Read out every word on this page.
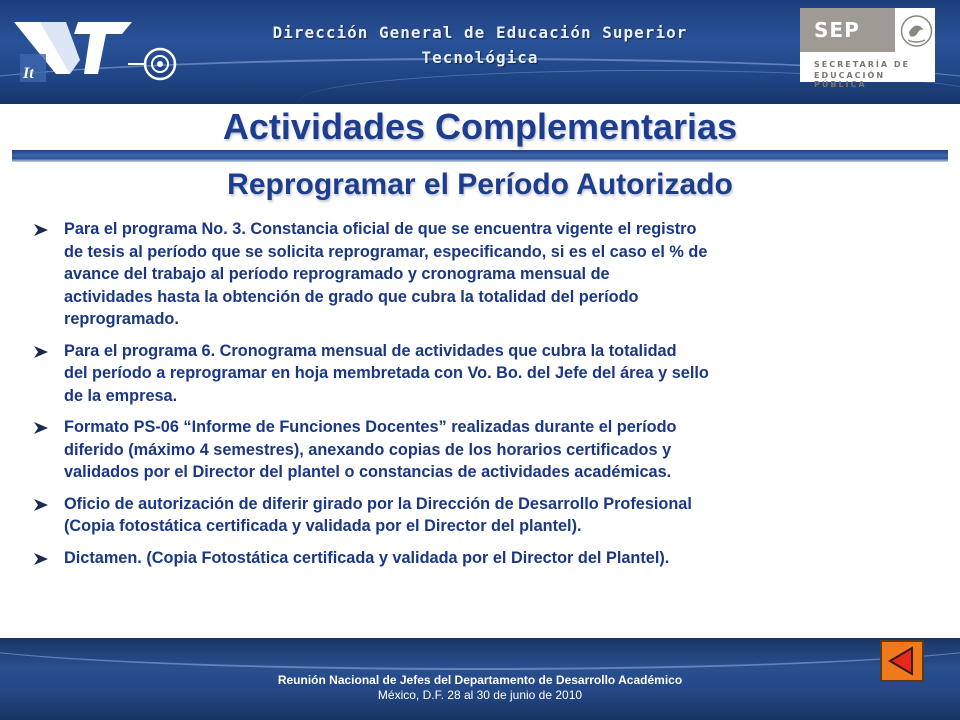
It
Dirección General de Educación Superior
Tecnológica
SEP
SECRETARÍA DE
EDUCACIÓN PÚBLICA
Actividades Complementarias
Reprogramar el Período Autorizado
Para el programa No. 3. Constancia oficial de que se encuentra vigente el registro
de tesis al período que se solicita reprogramar, especificando, si es el caso el % de
avance del trabajo al período reprogramado y cronograma mensual de
actividades hasta la obtención de grado que cubra la totalidad del período
reprogramado.
Para el programa 6. Cronograma mensual de actividades que cubra la totalidad
del período a reprogramar en hoja membretada con Vo. Bo. del Jefe del área y sello
de la empresa.
Formato PS-06 “Informe de Funciones Docentes” realizadas durante el período
diferido (máximo 4 semestres), anexando copias de los horarios certificados y
validados por el Director del plantel o constancias de actividades académicas.
Oficio de autorización de diferir girado por la Dirección de Desarrollo Profesional
(Copia fotostática certificada y validada por el Director del plantel).
Dictamen. (Copia Fotostática certificada y validada por el Director del Plantel).
Reunión Nacional de Jefes del Departamento de Desarrollo Académico
México, D.F. 28 al 30 de junio de 2010
